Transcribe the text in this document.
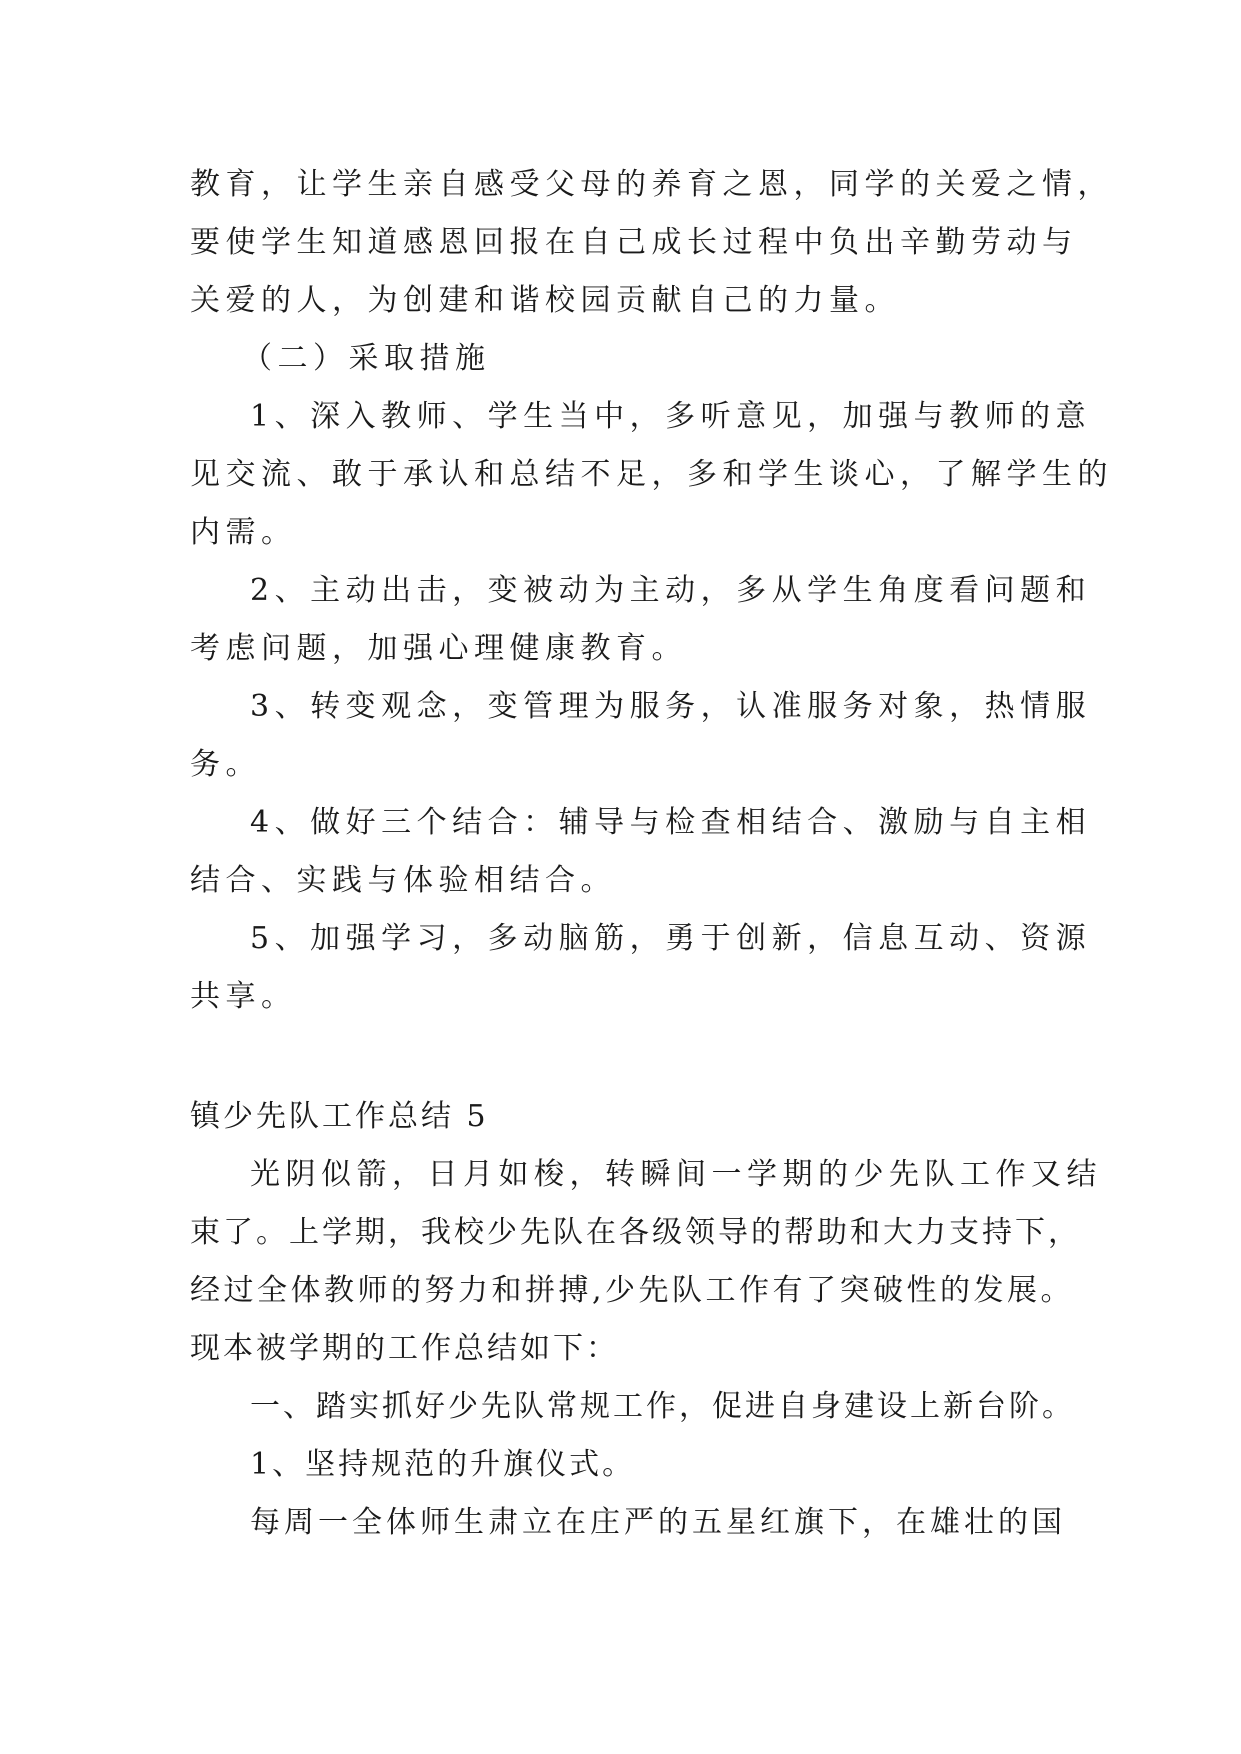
教育，让学生亲自感受父母的养育之恩，同学的关爱之情，
要使学生知道感恩回报在自己成长过程中负出辛勤劳动与
关爱的人，为创建和谐校园贡献自己的力量。
（二）采取措施
1、深入教师、学生当中，多听意见，加强与教师的意
见交流、敢于承认和总结不足，多和学生谈心，了解学生的
内需。
2、主动出击，变被动为主动，多从学生角度看问题和
考虑问题，加强心理健康教育。
3、转变观念，变管理为服务，认准服务对象，热情服
务。
4、做好三个结合：辅导与检查相结合、激励与自主相
结合、实践与体验相结合。
5、加强学习，多动脑筋，勇于创新，信息互动、资源
共享。
镇少先队工作总结 5
光阴似箭，日月如梭，转瞬间一学期的少先队工作又结
束了。上学期，我校少先队在各级领导的帮助和大力支持下，
经过全体教师的努力和拼搏,少先队工作有了突破性的发展。
现本被学期的工作总结如下：
一、踏实抓好少先队常规工作，促进自身建设上新台阶。
1、坚持规范的升旗仪式。
每周一全体师生肃立在庄严的五星红旗下，在雄壮的国
